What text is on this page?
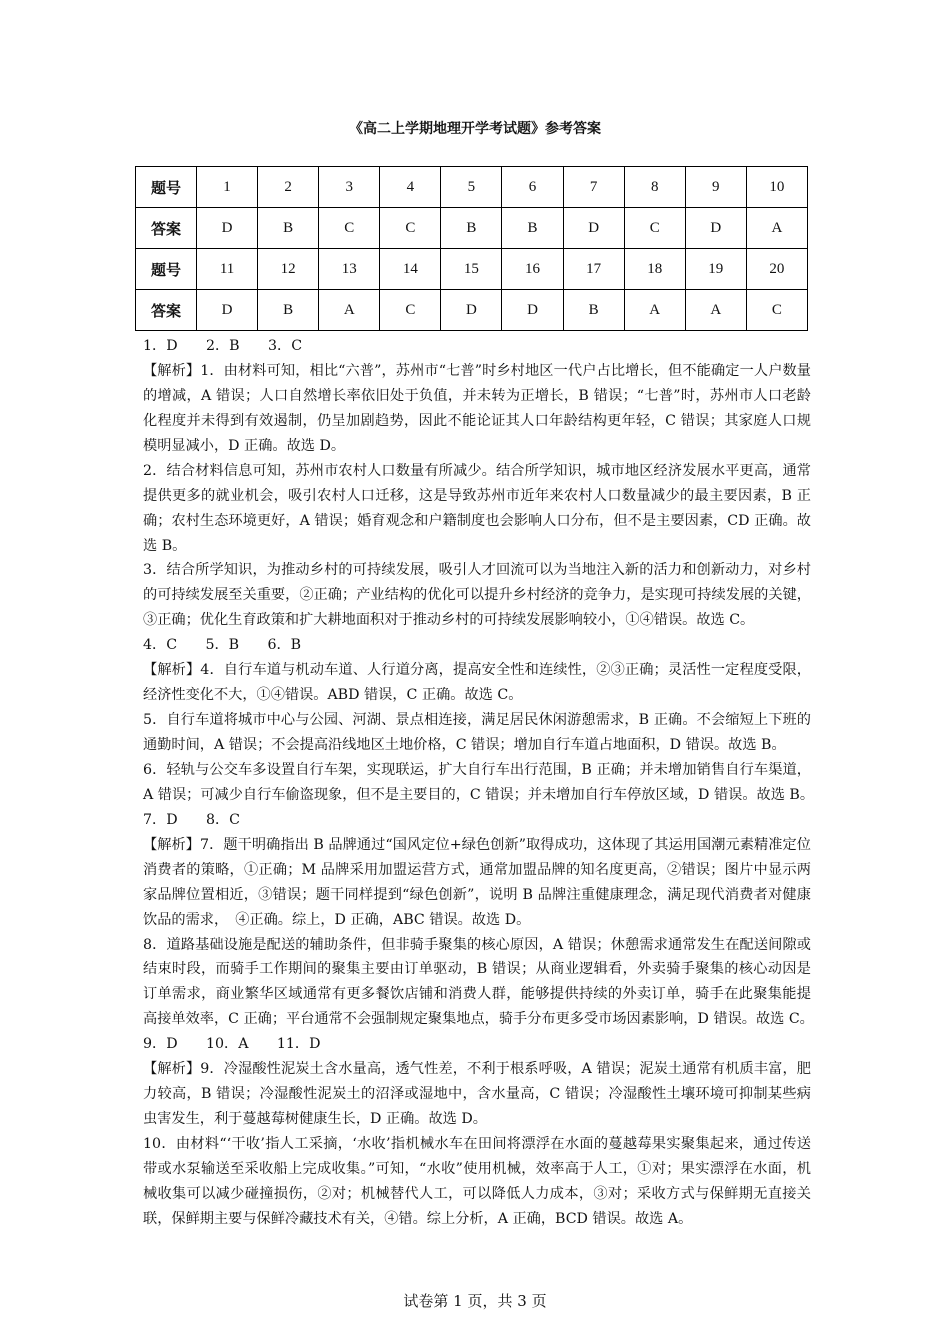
《高二上学期地理开学考试题》参考答案
题号	1	2	3	4	5	6	7	8	9	10
答案	D	B	C	C	B	B	D	C	D	A
题号	11	12	13	14	15	16	17	18	19	20
答案	D	B	A	C	D	D	B	A	A	C
1．D　　2．B　　3．C
【解析】1．由材料可知，相比“六普”，苏州市“七普”时乡村地区一代户占比增长，但不能确定一人户数量
的增减，A 错误；人口自然增长率依旧处于负值，并未转为正增长，B 错误；“七普”时，苏州市人口老龄
化程度并未得到有效遏制，仍呈加剧趋势，因此不能论证其人口年龄结构更年轻，C 错误；其家庭人口规
模明显减小，D 正确。故选 D。
2．结合材料信息可知，苏州市农村人口数量有所减少。结合所学知识，城市地区经济发展水平更高，通常
提供更多的就业机会，吸引农村人口迁移，这是导致苏州市近年来农村人口数量减少的最主要因素，B 正
确；农村生态环境更好，A 错误；婚育观念和户籍制度也会影响人口分布，但不是主要因素，CD 正确。故
选 B。
3．结合所学知识，为推动乡村的可持续发展，吸引人才回流可以为当地注入新的活力和创新动力，对乡村
的可持续发展至关重要，②正确；产业结构的优化可以提升乡村经济的竞争力，是实现可持续发展的关键，
③正确；优化生育政策和扩大耕地面积对于推动乡村的可持续发展影响较小，①④错误。故选 C。
4．C　　5．B　　6．B
【解析】4．自行车道与机动车道、人行道分离，提高安全性和连续性，②③正确；灵活性一定程度受限，
经济性变化不大，①④错误。ABD 错误，C 正确。故选 C。
5．自行车道将城市中心与公园、河湖、景点相连接，满足居民休闲游憩需求，B 正确。不会缩短上下班的
通勤时间，A 错误；不会提高沿线地区土地价格，C 错误；增加自行车道占地面积，D 错误。故选 B。
6．轻轨与公交车多设置自行车架，实现联运，扩大自行车出行范围，B 正确；并未增加销售自行车渠道，
A 错误；可减少自行车偷盗现象，但不是主要目的，C 错误；并未增加自行车停放区域，D 错误。故选 B。
7．D　　8．C
【解析】7．题干明确指出 B 品牌通过“国风定位+绿色创新”取得成功，这体现了其运用国潮元素精准定位
消费者的策略，①正确；M 品牌采用加盟运营方式，通常加盟品牌的知名度更高，②错误；图片中显示两
家品牌位置相近，③错误；题干同样提到“绿色创新”，说明 B 品牌注重健康理念，满足现代消费者对健康
饮品的需求，　④正确。综上，D 正确，ABC 错误。故选 D。
8．道路基础设施是配送的辅助条件，但非骑手聚集的核心原因，A 错误；休憩需求通常发生在配送间隙或
结束时段，而骑手工作期间的聚集主要由订单驱动，B 错误；从商业逻辑看，外卖骑手聚集的核心动因是
订单需求，商业繁华区域通常有更多餐饮店铺和消费人群，能够提供持续的外卖订单，骑手在此聚集能提
高接单效率，C 正确；平台通常不会强制规定聚集地点，骑手分布更多受市场因素影响，D 错误。故选 C。
9．D　　10．A　　11．D
【解析】9．冷湿酸性泥炭土含水量高，透气性差，不利于根系呼吸，A 错误；泥炭土通常有机质丰富，肥
力较高，B 错误；冷湿酸性泥炭土的沼泽或湿地中，含水量高，C 错误；冷湿酸性土壤环境可抑制某些病
虫害发生，利于蔓越莓树健康生长，D 正确。故选 D。
10．由材料“‘干收’指人工采摘，‘水收’指机械水车在田间将漂浮在水面的蔓越莓果实聚集起来，通过传送
带或水泵输送至采收船上完成收集。”可知，“水收”使用机械，效率高于人工，①对；果实漂浮在水面，机
械收集可以减少碰撞损伤，②对；机械替代人工，可以降低人力成本，③对；采收方式与保鲜期无直接关
联，保鲜期主要与保鲜冷藏技术有关，④错。综上分析，A 正确，BCD 错误。故选 A。
试卷第 1 页，共 3 页
